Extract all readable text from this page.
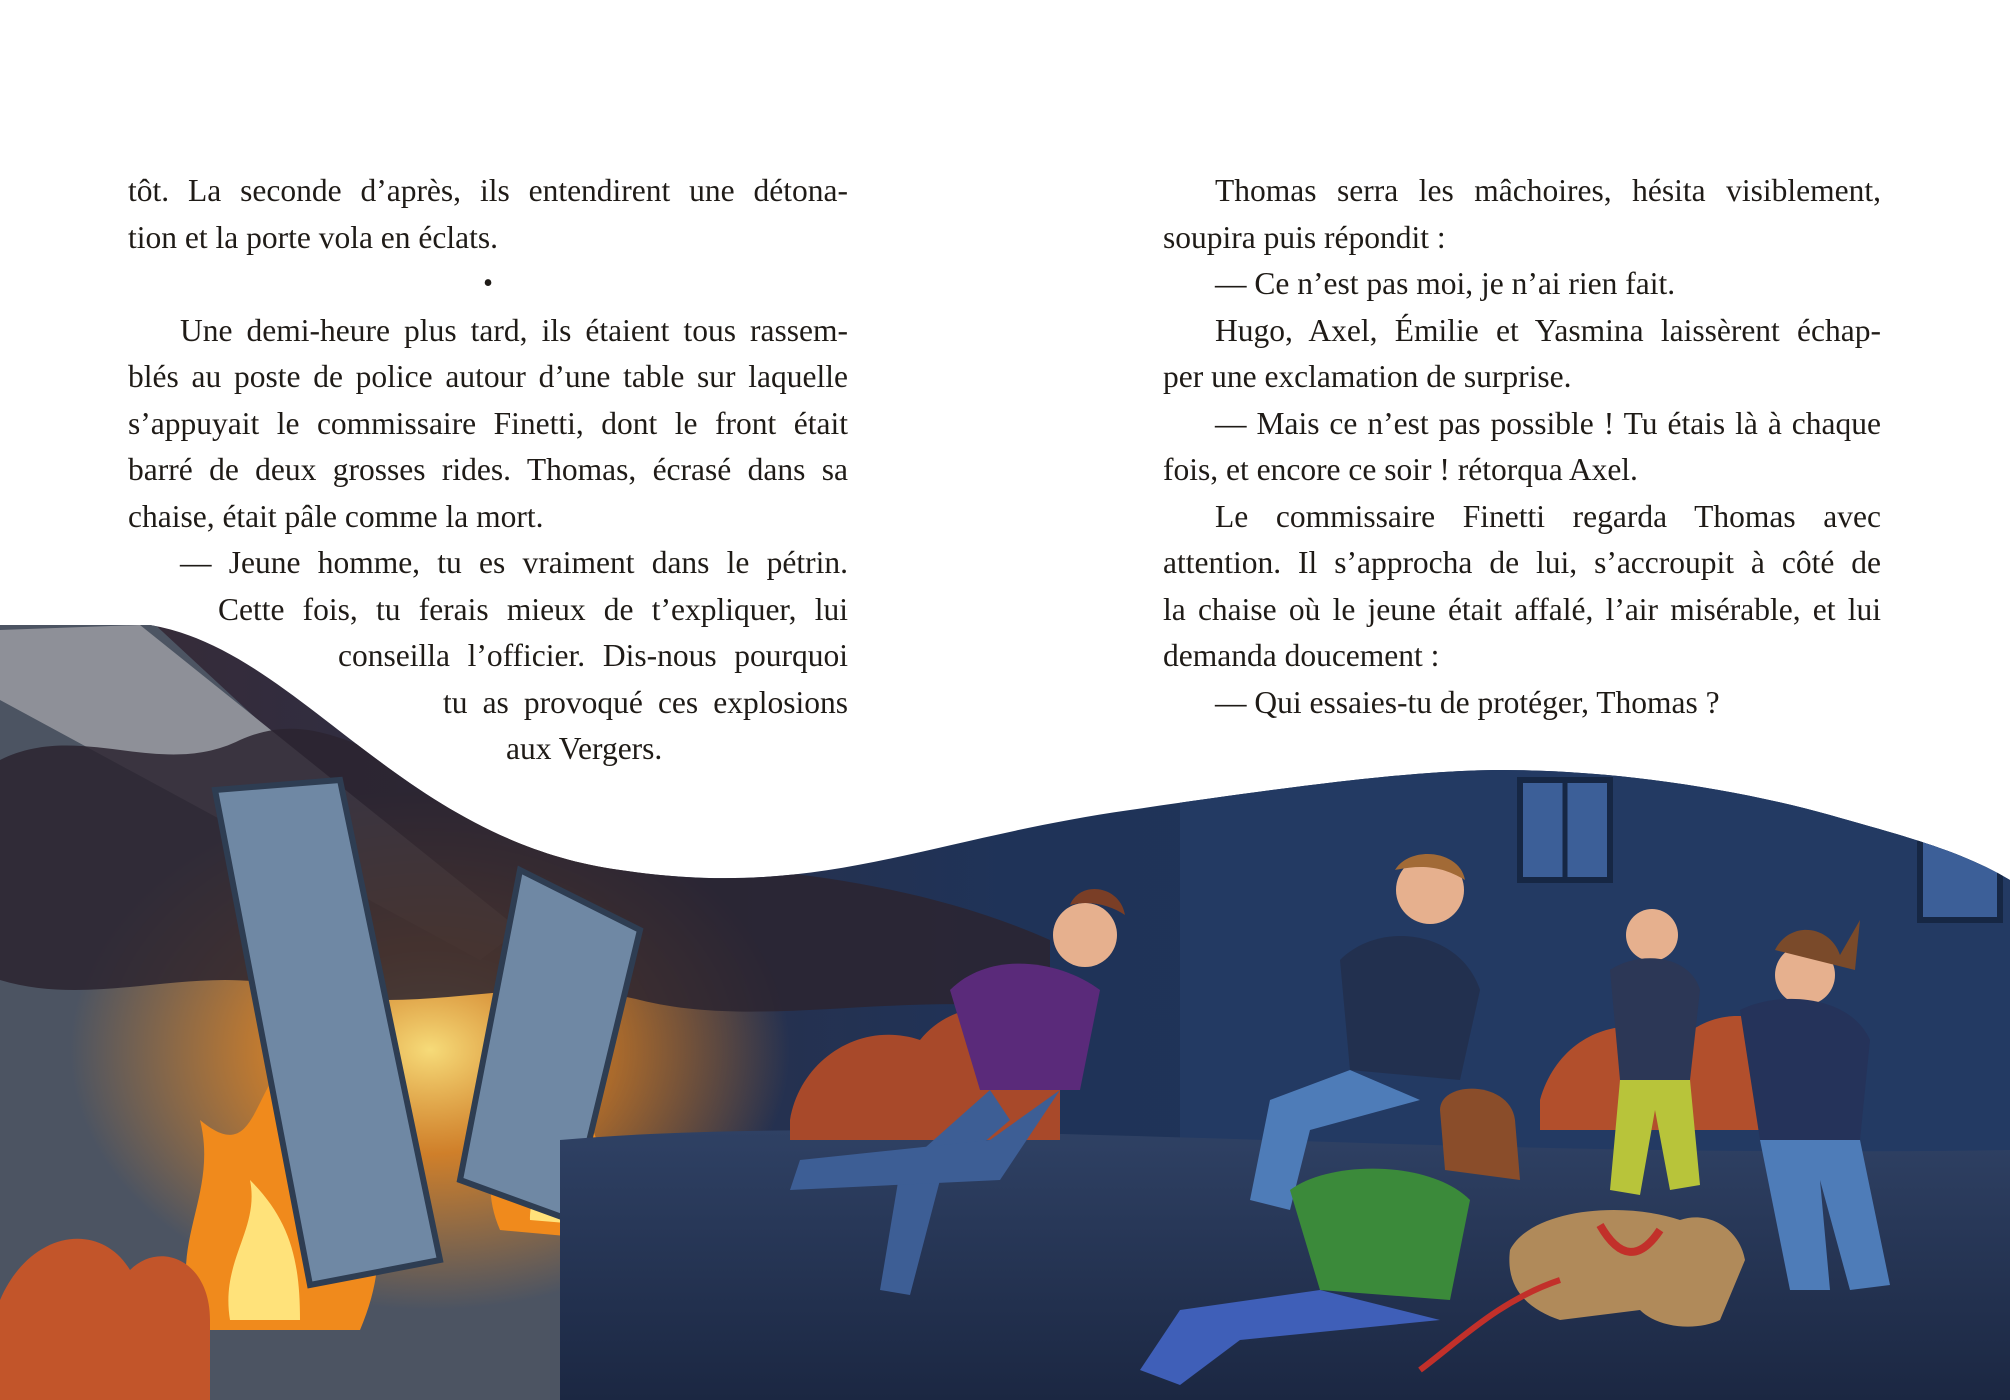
tôt. La seconde d’après, ils entendirent une détona-
tion et la porte vola en éclats.
•
Une demi-heure plus tard, ils étaient tous rassem-
blés au poste de police autour d’une table sur laquelle
s’appuyait le commissaire Finetti, dont le front était
barré de deux grosses rides. Thomas, écrasé dans sa
chaise, était pâle comme la mort.
— Jeune homme, tu es vraiment dans le pétrin.
Cette fois, tu ferais mieux de t’expliquer, lui
conseilla l’officier. Dis-nous pourquoi
tu as provoqué ces explosions
aux Vergers.
Thomas serra les mâchoires, hésita visiblement,
soupira puis répondit :
— Ce n’est pas moi, je n’ai rien fait.
Hugo, Axel, Émilie et Yasmina laissèrent échap-
per une exclamation de surprise.
— Mais ce n’est pas possible ! Tu étais là à chaque
fois, et encore ce soir ! rétorqua Axel.
Le commissaire Finetti regarda Thomas avec
attention. Il s’approcha de lui, s’accroupit à côté de
la chaise où le jeune était affalé, l’air misérable, et lui
demanda doucement :
— Qui essaies-tu de protéger, Thomas ?
